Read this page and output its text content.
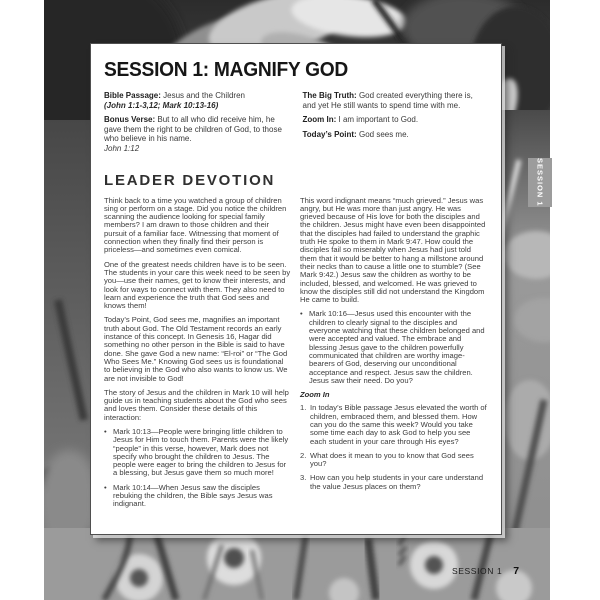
SESSION 1: MAGNIFY GOD

Bible Passage: Jesus and the Children
(John 1:1-3,12; Mark 10:13-16)

Bonus Verse: But to all who did receive him, he gave them the right to be children of God, to those who believe in his name.
John 1:12

The Big Truth: God created everything there is, and yet He still wants to spend time with me.

Zoom In: I am important to God.

Today’s Point: God sees me.

LEADER DEVOTION

Think back to a time you watched a group of children sing or perform on a stage. Did you notice the children scanning the audience looking for special family members? I am drawn to those children and their pursuit of a familiar face. Witnessing that moment of connection when they finally find their person is priceless—and sometimes even comical.

One of the greatest needs children have is to be seen. The students in your care this week need to be seen by you—use their names, get to know their interests, and look for ways to connect with them. They also need to learn and experience the truth that God sees and knows them!

Today’s Point, God sees me, magnifies an important truth about God. The Old Testament records an early instance of this concept. In Genesis 16, Hagar did something no other person in the Bible is said to have done. She gave God a new name: “El-roi” or “The God Who Sees Me.” Knowing God sees us is foundational to believing in the God who also wants to know us. We are not invisible to God!

The story of Jesus and the children in Mark 10 will help guide us in teaching students about the God who sees and loves them. Consider these details of this interaction:

• Mark 10:13—People were bringing little children to Jesus for Him to touch them. Parents were the likely “people” in this verse, however, Mark does not specify who brought the children to Jesus. The people were eager to bring the children to Jesus for a blessing, but Jesus gave them so much more!
• Mark 10:14—When Jesus saw the disciples rebuking the children, the Bible says Jesus was indignant.

This word indignant means “much grieved.” Jesus was angry, but He was more than just angry. He was grieved because of His love for both the disciples and the children. Jesus might have even been disappointed that the disciples had failed to understand the graphic truth He spoke to them in Mark 9:47. How could the disciples fail so miserably when Jesus had just told them that it would be better to hang a millstone around their necks than to cause a little one to stumble? (See Mark 9:42.) Jesus saw the children as worthy to be included, blessed, and welcomed. He was grieved to know the disciples still did not understand the Kingdom He came to build.

• Mark 10:16—Jesus used this encounter with the children to clearly signal to the disciples and everyone watching that these children belonged and were accepted and valued. The embrace and blessing Jesus gave to the children powerfully communicated that children are worthy image-bearers of God, deserving our unconditional acceptance and respect. Jesus saw the children. Jesus saw their need. Do you?
Zoom In
In today’s Bible passage Jesus elevated the worth of children, embraced them, and blessed them. How can you do the same this week? Would you take some time each day to ask God to help you see each student in your care through His eyes?
What does it mean to you to know that God sees you?
How can you help students in your care understand the value Jesus places on them?
SESSION 1
SESSION 1 7
